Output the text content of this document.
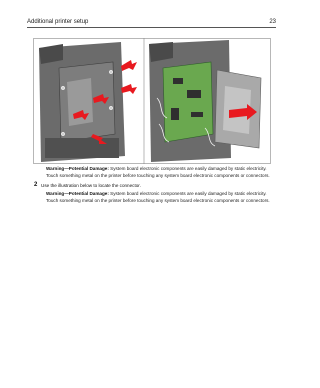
Additional printer setup	23
Warning—Potential Damage: System board electronic components are easily damaged by static electricity.
Touch something metal on the printer before touching any system board electronic components or connectors.
2 Use the illustration below to locate the connector.
Warning—Potential Damage: System board electronic components are easily damaged by static electricity.
Touch something metal on the printer before touching any system board electronic components or connectors.
